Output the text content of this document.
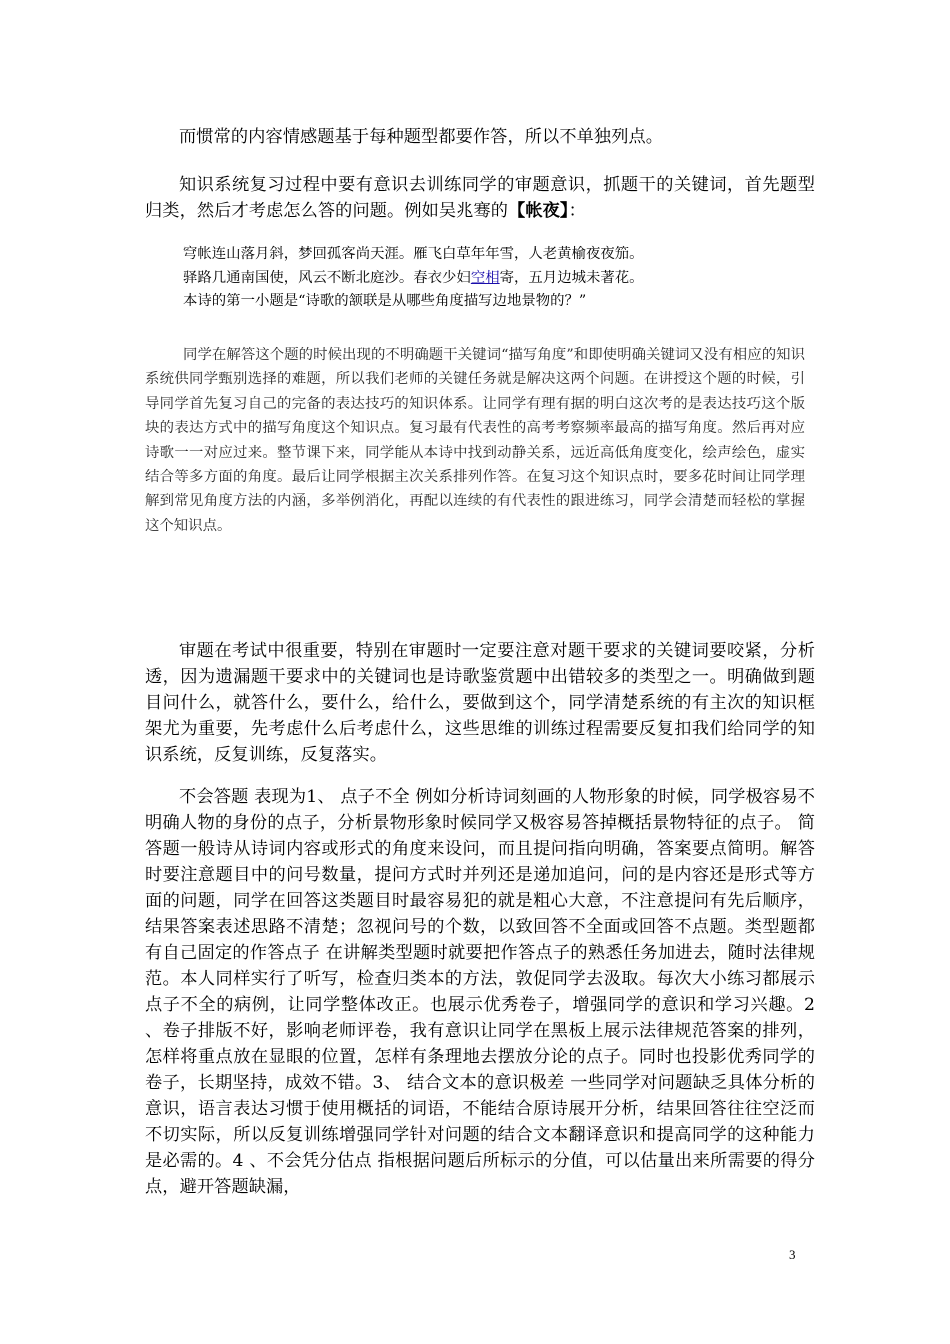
而惯常的内容情感题基于每种题型都要作答，所以不单独列点。

知识系统复习过程中要有意识去训练同学的审题意识，抓题干的关键词，首先题型归类，然后才考虑怎么答的问题。例如吴兆骞的【帐夜】：

穹帐连山落月斜，梦回孤客尚天涯。雁飞白草年年雪，人老黄榆夜夜笳。
驿路几通南国使，风云不断北庭沙。春衣少妇空相寄，五月边城未著花。
本诗的第一小题是“诗歌的颔联是从哪些角度描写边地景物的？”

同学在解答这个题的时候出现的不明确题干关键词“描写角度”和即使明确关键词又没有相应的知识系统供同学甄别选择的难题，所以我们老师的关键任务就是解决这两个问题。在讲授这个题的时候，引导同学首先复习自己的完备的表达技巧的知识体系。让同学有理有据的明白这次考的是表达技巧这个版块的表达方式中的描写角度这个知识点。复习最有代表性的高考考察频率最高的描写角度。然后再对应诗歌一一对应过来。整节课下来，同学能从本诗中找到动静关系，远近高低角度变化，绘声绘色，虚实结合等多方面的角度。最后让同学根据主次关系排列作答。在复习这个知识点时，要多花时间让同学理解到常见角度方法的内涵，多举例消化，再配以连续的有代表性的跟进练习，同学会清楚而轻松的掌握这个知识点。

审题在考试中很重要，特别在审题时一定要注意对题干要求的关键词要咬紧，分析透，因为遗漏题干要求中的关键词也是诗歌鉴赏题中出错较多的类型之一。明确做到题目问什么，就答什么，要什么，给什么，要做到这个，同学清楚系统的有主次的知识框架尤为重要，先考虑什么后考虑什么，这些思维的训练过程需要反复扣我们给同学的知识系统，反复训练，反复落实。

不会答题 表现为1、 点子不全 例如分析诗词刻画的人物形象的时候，同学极容易不明确人物的身份的点子，分析景物形象时候同学又极容易答掉概括景物特征的点子。 简答题一般诗从诗词内容或形式的角度来设问，而且提问指向明确，答案要点简明。解答时要注意题目中的问号数量，提问方式时并列还是递加追问，问的是内容还是形式等方面的问题，同学在回答这类题目时最容易犯的就是粗心大意，不注意提问有先后顺序，结果答案表述思路不清楚；忽视问号的个数，以致回答不全面或回答不点题。类型题都有自己固定的作答点子 在讲解类型题时就要把作答点子的熟悉任务加进去，随时法律规范。本人同样实行了听写，检查归类本的方法，敦促同学去汲取。每次大小练习都展示点子不全的病例，让同学整体改正。也展示优秀卷子，增强同学的意识和学习兴趣。2 、卷子排版不好，影响老师评卷，我有意识让同学在黑板上展示法律规范答案的排列，怎样将重点放在显眼的位置，怎样有条理地去摆放分论的点子。同时也投影优秀同学的卷子，长期坚持，成效不错。3、 结合文本的意识极差 一些同学对问题缺乏具体分析的意识，语言表达习惯于使用概括的词语，不能结合原诗展开分析，结果回答往往空泛而不切实际，所以反复训练增强同学针对问题的结合文本翻译意识和提高同学的这种能力是必需的。4 、不会凭分估点 指根据问题后所标示的分值，可以估量出来所需要的得分点，避开答题缺漏，

3
